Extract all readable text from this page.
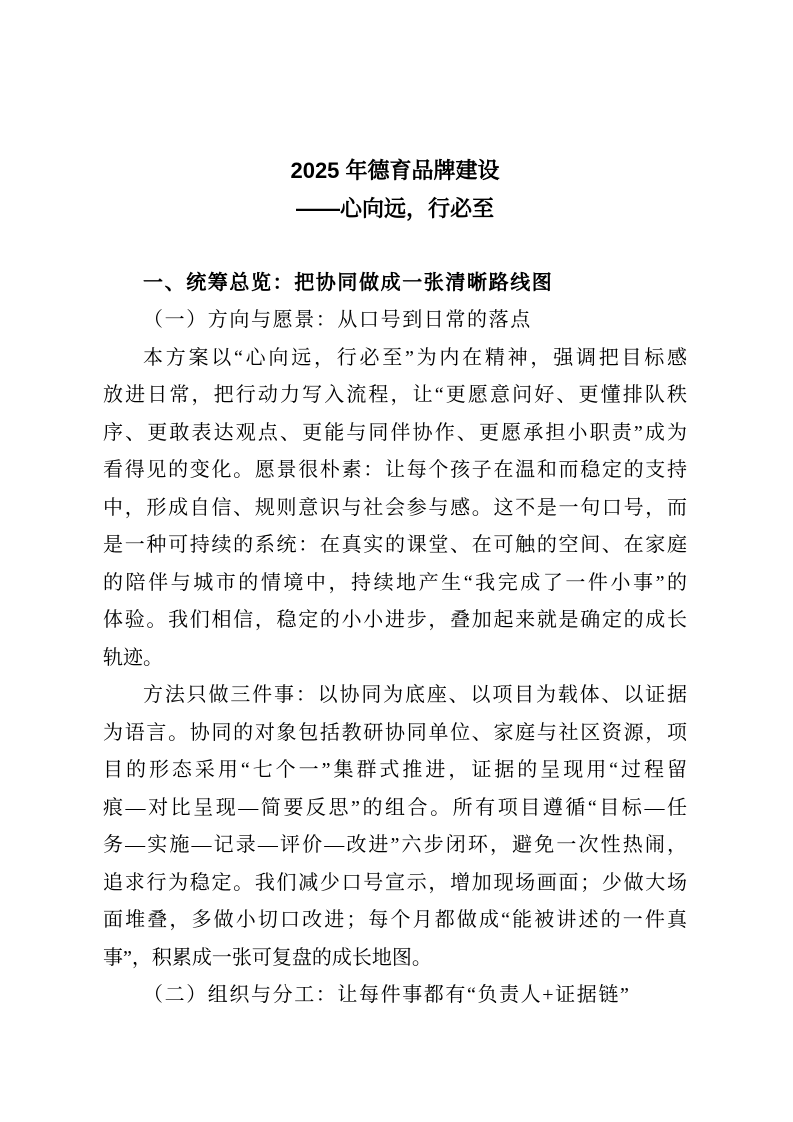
2025 年德育品牌建设
——心向远，行必至
一、统筹总览：把协同做成一张清晰路线图
（一）方向与愿景：从口号到日常的落点
本方案以“心向远，行必至”为内在精神，强调把目标感
放进日常，把行动力写入流程，让“更愿意问好、更懂排队秩
序、更敢表达观点、更能与同伴协作、更愿承担小职责”成为
看得见的变化。愿景很朴素：让每个孩子在温和而稳定的支持
中，形成自信、规则意识与社会参与感。这不是一句口号，而
是一种可持续的系统：在真实的课堂、在可触的空间、在家庭
的陪伴与城市的情境中，持续地产生“我完成了一件小事”的
体验。我们相信，稳定的小小进步，叠加起来就是确定的成长
轨迹。
方法只做三件事：以协同为底座、以项目为载体、以证据
为语言。协同的对象包括教研协同单位、家庭与社区资源，项
目的形态采用“七个一”集群式推进，证据的呈现用“过程留
痕—对比呈现—简要反思”的组合。所有项目遵循“目标—任
务—实施—记录—评价—改进”六步闭环，避免一次性热闹，
追求行为稳定。我们减少口号宣示，增加现场画面；少做大场
面堆叠，多做小切口改进；每个月都做成“能被讲述的一件真
事”，积累成一张可复盘的成长地图。
（二）组织与分工：让每件事都有“负责人+证据链”
